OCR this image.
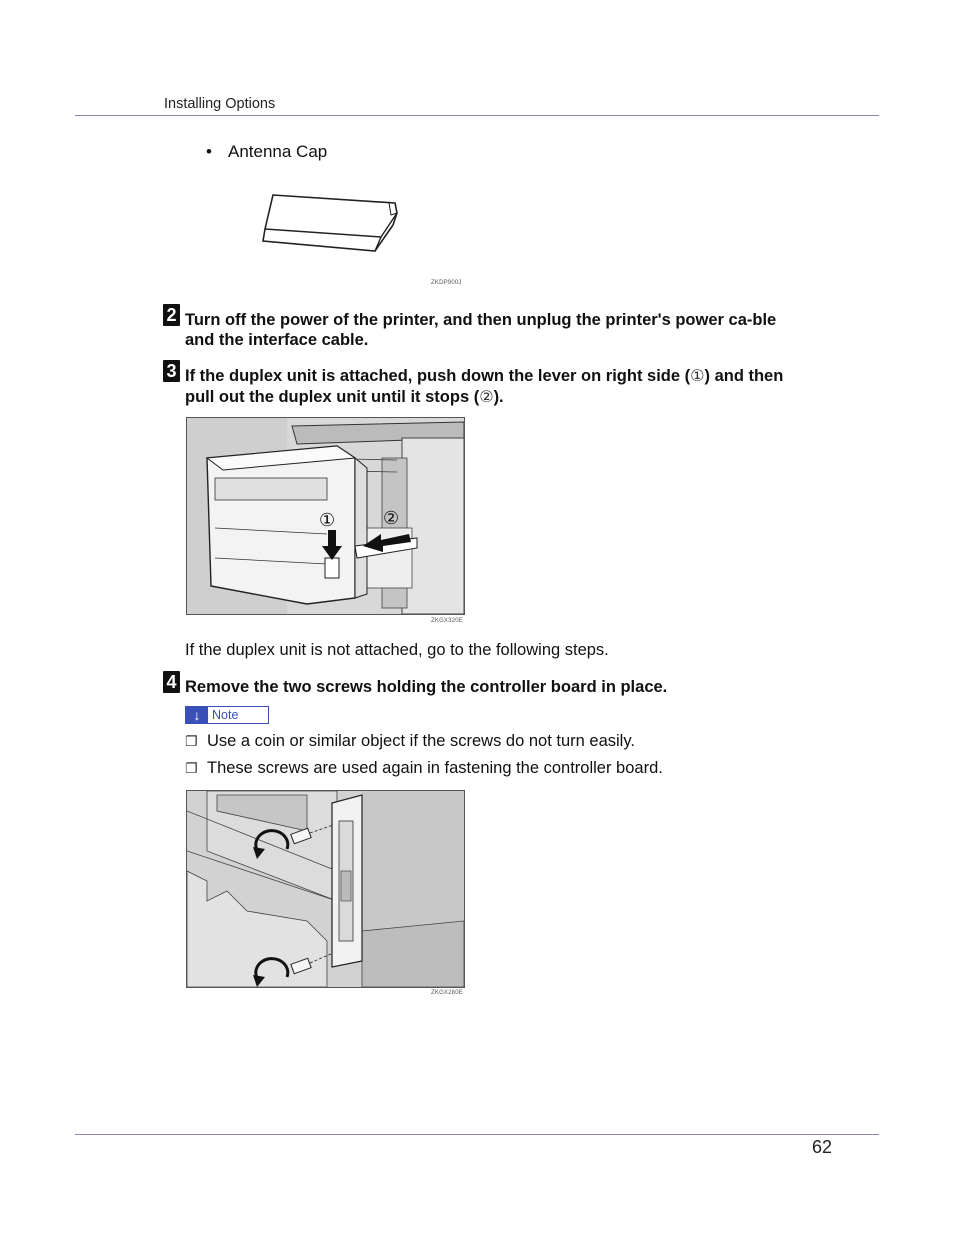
Installing Options
• Antenna Cap
ZKDP900J
2 Turn off the power of the printer, and then unplug the printer's power ca-ble and the interface cable.
3 If the duplex unit is attached, push down the lever on right side (①) and then pull out the duplex unit until it stops (②).
①	②
ZKGX320E
If the duplex unit is not attached, go to the following steps.
4 Remove the two screws holding the controller board in place.
↓ Note
❐ Use a coin or similar object if the screws do not turn easily.
❐ These screws are used again in fastening the controller board.
ZKGX280E
62
